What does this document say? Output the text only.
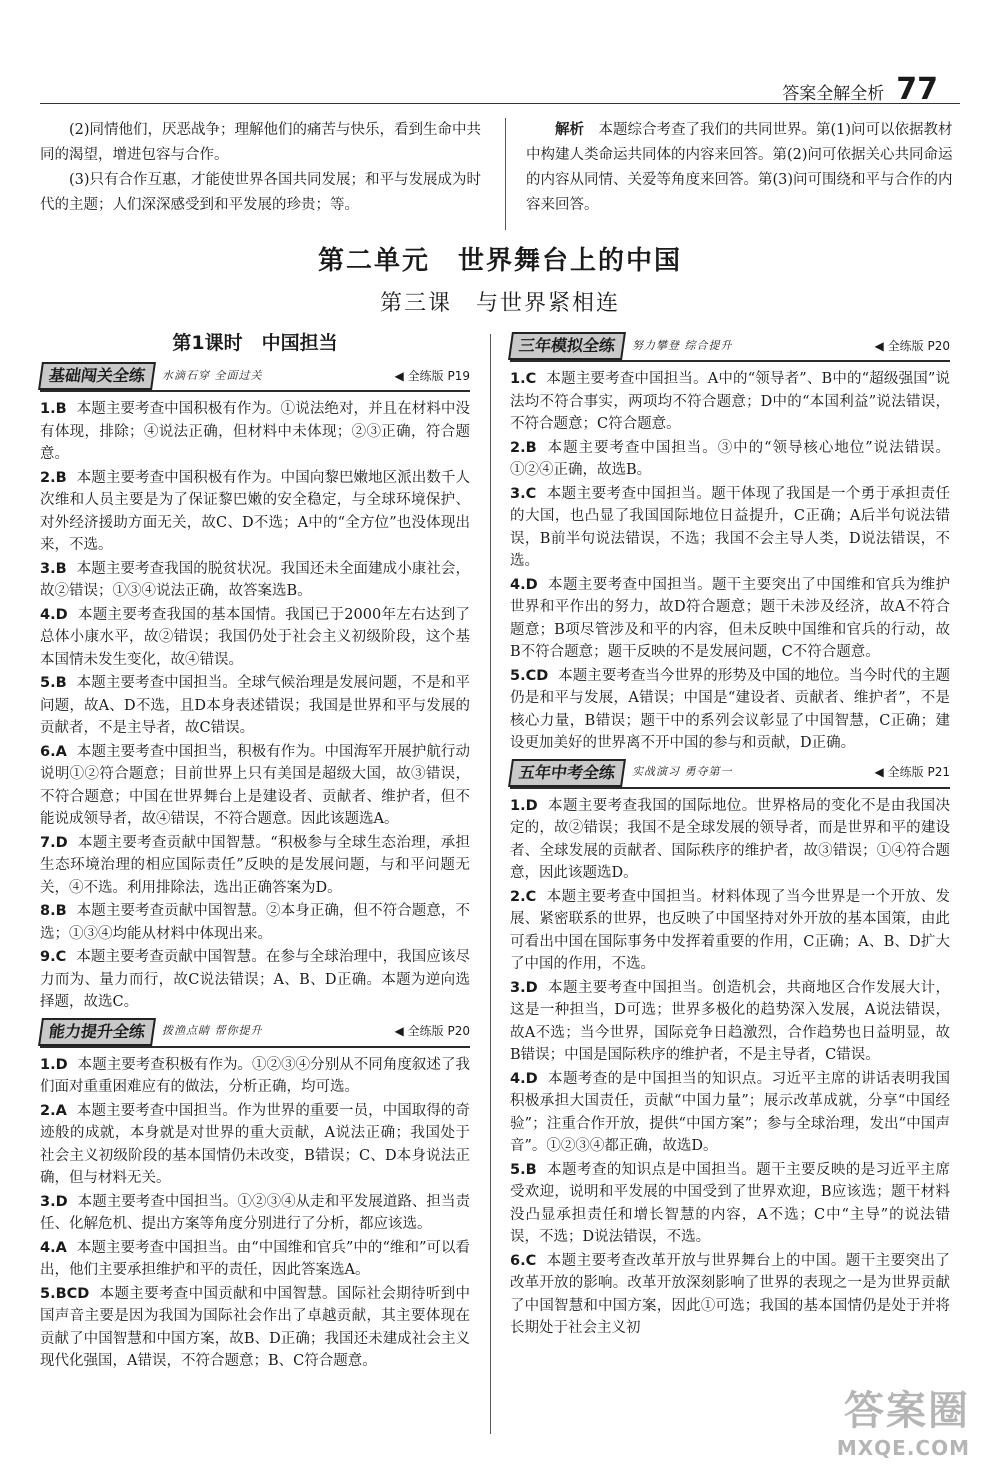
答案全解全析 77

(2)同情他们，厌恶战争；理解他们的痛苦与快乐，看到生命中共同的渴望，增进包容与合作。

(3)只有合作互惠，才能使世界各国共同发展；和平与发展成为时代的主题；人们深深感受到和平发展的珍贵；等。

解析　 本题综合考查了我们的共同世界。第(1)问可以依据教材中构建人类命运共同体的内容来回答。第(2)问可依据关心共同命运的内容从同情、关爱等角度来回答。第(3)问可围绕和平与合作的内容来回答。

第二单元　世界舞台上的中国
第三课　与世界紧相连
第1课时　中国担当
基础闯关全练	水滴石穿 全面过关	◀ 全练版 P19

1.B 本题主要考查中国积极有作为。①说法绝对，并且在材料中没有体现，排除；④说法正确，但材料中未体现；②③正确，符合题意。

2.B 本题主要考查中国积极有作为。中国向黎巴嫩地区派出数千人次维和人员主要是为了保证黎巴嫩的安全稳定，与全球环境保护、对外经济援助方面无关，故C、D不选；A中的“全方位”也没体现出来，不选。

3.B 本题主要考查我国的脱贫状况。我国还未全面建成小康社会，故②错误；①③④说法正确，故答案选B。

4.D 本题主要考查我国的基本国情。我国已于2000年左右达到了总体小康水平，故②错误；我国仍处于社会主义初级阶段，这个基本国情未发生变化，故④错误。

5.B 本题主要考查中国担当。全球气候治理是发展问题，不是和平问题，故A、D不选，且D本身表述错误；我国是世界和平与发展的贡献者，不是主导者，故C错误。

6.A 本题主要考查中国担当，积极有作为。中国海军开展护航行动说明①②符合题意；目前世界上只有美国是超级大国，故③错误，不符合题意；中国在世界舞台上是建设者、贡献者、维护者，但不能说成领导者，故④错误，不符合题意。因此该题选A。

7.D 本题主要考查贡献中国智慧。“积极参与全球生态治理，承担生态环境治理的相应国际责任”反映的是发展问题，与和平问题无关，④不选。利用排除法，选出正确答案为D。

8.B 本题主要考查贡献中国智慧。②本身正确，但不符合题意，不选；①③④均能从材料中体现出来。

9.C 本题主要考查贡献中国智慧。在参与全球治理中，我国应该尽力而为、量力而行，故C说法错误；A、B、D正确。本题为逆向选择题，故选C。

能力提升全练	拨渔点睛 帮你提升	◀ 全练版 P20

1.D 本题主要考查积极有作为。①②③④分别从不同角度叙述了我们面对重重困难应有的做法，分析正确，均可选。

2.A 本题主要考查中国担当。作为世界的重要一员，中国取得的奇迹般的成就，本身就是对世界的重大贡献，A说法正确；我国处于社会主义初级阶段的基本国情仍未改变，B错误；C、D本身说法正确，但与材料无关。

3.D 本题主要考查中国担当。①②③④从走和平发展道路、担当责任、化解危机、提出方案等角度分别进行了分析，都应该选。

4.A 本题主要考查中国担当。由“中国维和官兵”中的“维和”可以看出，他们主要承担维护和平的责任，因此答案选A。

5.BCD 本题主要考查中国贡献和中国智慧。国际社会期待听到中国声音主要是因为我国为国际社会作出了卓越贡献，其主要体现在贡献了中国智慧和中国方案，故B、D正确；我国还未建成社会主义现代化强国，A错误，不符合题意；B、C符合题意。

三年模拟全练	努力攀登 综合提升	◀ 全练版 P20

1.C 本题主要考查中国担当。A中的“领导者”、B中的“超级强国”说法均不符合事实，两项均不符合题意；D中的“本国利益”说法错误，不符合题意；C符合题意。

2.B 本题主要考查中国担当。③中的“领导核心地位”说法错误。①②④正确，故选B。

3.C 本题主要考查中国担当。题干体现了我国是一个勇于承担责任的大国，也凸显了我国国际地位日益提升，C正确；A后半句说法错误，B前半句说法错误，不选；我国不会主导人类，D说法错误，不选。

4.D 本题主要考查中国担当。题干主要突出了中国维和官兵为维护世界和平作出的努力，故D符合题意；题干未涉及经济，故A不符合题意；B项尽管涉及和平的内容，但未反映中国维和官兵的行动，故B不符合题意；题干反映的不是发展问题，C不符合题意。

5.CD 本题主要考查当今世界的形势及中国的地位。当今时代的主题仍是和平与发展，A错误；中国是“建设者、贡献者、维护者”，不是核心力量，B错误；题干中的系列会议彰显了中国智慧，C正确；建设更加美好的世界离不开中国的参与和贡献，D正确。

五年中考全练	实战演习 勇夺第一	◀ 全练版 P21

1.D 本题主要考查我国的国际地位。世界格局的变化不是由我国决定的，故②错误；我国不是全球发展的领导者，而是世界和平的建设者、全球发展的贡献者、国际秩序的维护者，故③错误；①④符合题意，因此该题选D。

2.C 本题主要考查中国担当。材料体现了当今世界是一个开放、发展、紧密联系的世界，也反映了中国坚持对外开放的基本国策，由此可看出中国在国际事务中发挥着重要的作用，C正确；A、B、D扩大了中国的作用，不选。

3.D 本题主要考查中国担当。创造机会，共商地区合作发展大计，这是一种担当，D可选；世界多极化的趋势深入发展，A说法错误，故A不选；当今世界，国际竞争日趋激烈，合作趋势也日益明显，故B错误；中国是国际秩序的维护者，不是主导者，C错误。

4.D 本题考查的是中国担当的知识点。习近平主席的讲话表明我国积极承担大国责任，贡献“中国力量”；展示改革成就，分享“中国经验”；注重合作开放，提供“中国方案”；参与全球治理，发出“中国声音”。①②③④都正确，故选D。

5.B 本题考查的知识点是中国担当。题干主要反映的是习近平主席受欢迎，说明和平发展的中国受到了世界欢迎，B应该选；题干材料没凸显承担责任和增长智慧的内容，A不选；C中“主导”的说法错误，不选；D说法错误，不选。

6.C 本题主要考查改革开放与世界舞台上的中国。题干主要突出了改革开放的影响。改革开放深刻影响了世界的表现之一是为世界贡献了中国智慧和中国方案，因此①可选；我国的基本国情仍是处于并将长期处于社会主义初

答案圈
MXQE.COM
